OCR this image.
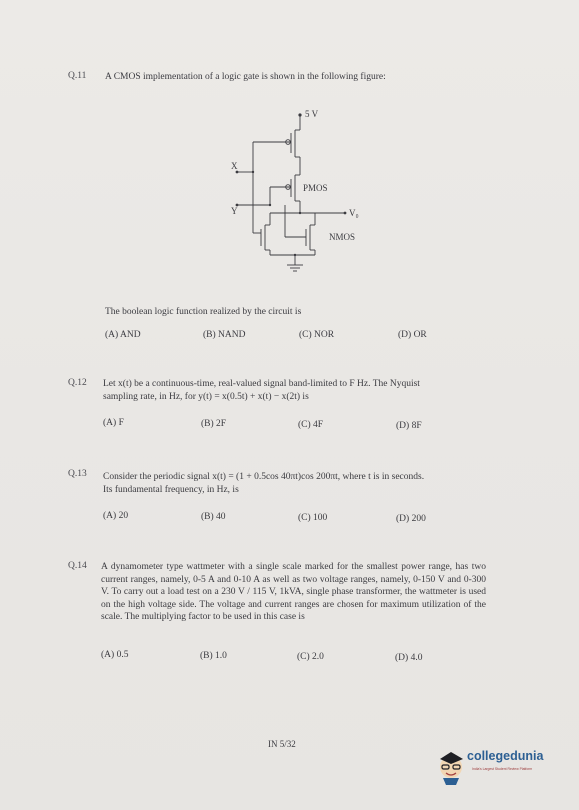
Q.11 A CMOS implementation of a logic gate is shown in the following figure:
5 V
X
Y
PMOS
V₀
NMOS
The boolean logic function realized by the circuit is
(A) AND	(B) NAND	(C) NOR	(D) OR
Q.12 Let x(t) be a continuous-time, real-valued signal band-limited to F Hz. The Nyquist
sampling rate, in Hz, for y(t) = x(0.5t) + x(t) − x(2t) is
(A) F	(B) 2F	(C) 4F	(D) 8F
Q.13 Consider the periodic signal x(t) = (1 + 0.5cos 40πt)cos 200πt, where t is in seconds.
Its fundamental frequency, in Hz, is
(A) 20	(B) 40	(C) 100	(D) 200
Q.14 A dynamometer type wattmeter with a single scale marked for the smallest power range, has two current ranges, namely, 0-5 A and 0-10 A as well as two voltage ranges, namely, 0-150 V and 0-300 V. To carry out a load test on a 230 V / 115 V, 1kVA, single phase transformer, the wattmeter is used on the high voltage side. The voltage and current ranges are chosen for maximum utilization of the scale. The multiplying factor to be used in this case is
(A) 0.5	(B) 1.0	(C) 2.0	(D) 4.0
IN 5/32
collegedunia
India's Largest Student Review Platform
